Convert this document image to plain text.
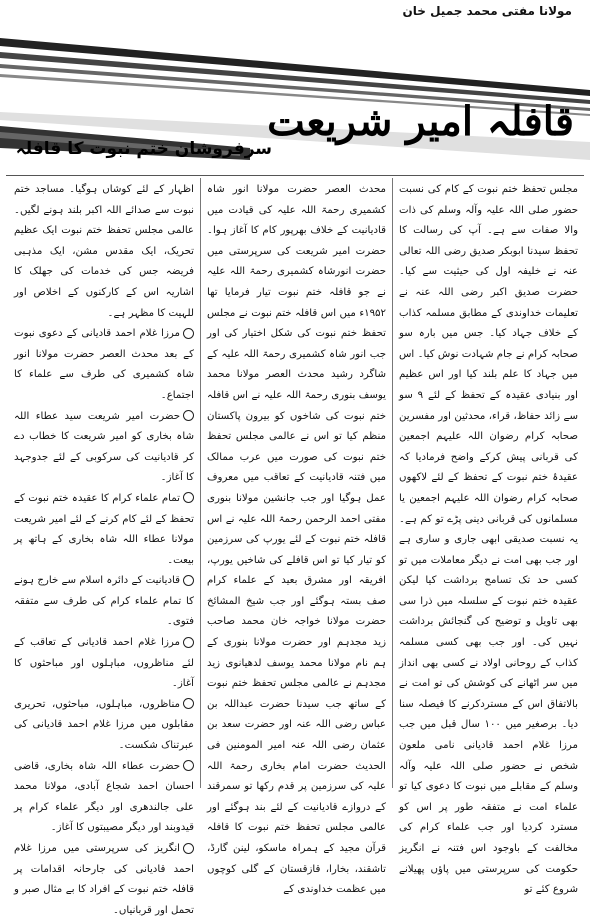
مولانا مفتی محمد جمیل خان
قافلہ امیر شریعت
سرفروشان ختم نبوت کا قافلہ

مجلس تحفظ ختم نبوت کے کام کی نسبت حضور صلی اللہ علیہ وآلہ وسلم کی ذات والا صفات سے ہے۔ آپ کی رسالت کا تحفظ سیدنا ابوبکر صدیق رضی اللہ تعالی عنہ نے خلیفہ اول کی حیثیت سے کیا۔ حضرت صدیق اکبر رضی اللہ عنہ نے تعلیمات خداوندی کے مطابق مسلمہ کذاب کے خلاف جہاد کیا۔ جس میں بارہ سو صحابہ کرام نے جام شہادت نوش کیا۔ اس میں جہاد کا علم بلند کیا اور اس عظیم اور بنیادی عقیدہ کے تحفظ کے لئے ۹ سو سے زائد حفاظ، قراء، محدثین اور مفسرین صحابہ کرام رضوان اللہ علیہم اجمعین کی قربانی پیش کرکے واضح فرمادیا کہ عقیدۂ ختم نبوت کے تحفظ کے لئے لاکھوں صحابہ کرام رضوان اللہ علیہم اجمعین یا مسلمانوں کی قربانی دینی پڑے تو کم ہے۔ یہ نسبت صدیقی ابھی جاری و ساری ہے اور جب بھی امت نے دیگر معاملات میں تو کسی حد تک تسامح برداشت کیا لیکن عقیدہ ختم نبوت کے سلسلہ میں ذرا سی بھی تاویل و توضیح کی گنجائش برداشت نہیں کی۔ اور جب بھی کسی مسلمہ کذاب کے روحانی اولاد نے کسی بھی انداز میں سر اٹھانے کی کوشش کی تو امت نے بالاتفاق اس کے مستردکرنے کا فیصلہ سنا دیا۔ برصغیر میں ۱۰۰ سال قبل میں جب مرزا غلام احمد قادیانی نامی ملعون شخص نے حضور صلی اللہ علیہ وآلہ وسلم کے مقابلے میں نبوت کا دعوی کیا تو علماء امت نے متفقہ طور پر اس کو مسترد کردیا اور جب علماء کرام کی مخالفت کے باوجود اس فتنہ نے انگریز حکومت کی سرپرستی میں پاؤں پھیلانے شروع کئے تو

محدث العصر حضرت مولانا انور شاہ کشمیری رحمۃ اللہ علیہ کی قیادت میں قادیانیت کے خلاف بھرپور کام کا آغاز ہوا۔ حضرت امیر شریعت کی سرپرستی میں حضرت انورشاہ کشمیری رحمۃ اللہ علیہ نے جو قافلہ ختم نبوت تیار فرمایا تھا ۱۹۵۲ء میں اس قافلہ ختم نبوت نے مجلس تحفظ ختم نبوت کی شکل اختیار کی اور جب انور شاہ کشمیری رحمۃ اللہ علیہ کے شاگرد رشید محدث العصر مولانا محمد یوسف بنوری رحمۃ اللہ علیہ نے اس قافلہ ختم نبوت کی شاخوں کو بیرون پاکستان منظم کیا تو اس نے عالمی مجلس تحفظ ختم نبوت کی صورت میں عرب ممالک میں فتنہ قادیانیت کے تعاقب میں معروف عمل ہوگیا اور جب جانشین مولانا بنوری مفتی احمد الرحمن رحمۃ اللہ علیہ نے اس قافلہ ختم نبوت کے لئے یورپ کی سرزمین کو تیار کیا تو اس قافلے کی شاخیں یورپ، افریقہ اور مشرق بعید کے علماء کرام صف بستہ ہوگئے اور جب شیخ المشائخ حضرت مولانا خواجہ خان محمد صاحب زید مجدہم اور حضرت مولانا بنوری کے ہم نام مولانا محمد یوسف لدھیانوی زید مجدہم نے عالمی مجلس تحفظ ختم نبوت کے ساتھ جب سیدنا حضرت عبداللہ بن عباس رضی اللہ عنہ اور حضرت سعد بن عثمان رضی اللہ عنہ امیر المومنین فی الحدیث حضرت امام بخاری رحمۃ اللہ علیہ کی سرزمین پر قدم رکھا تو سمرقند کے دروازے قادیانیت کے لئے بند ہوگئے اور عالمی مجلس تحفظ ختم نبوت کا قافلہ قرآن مجید کے ہمراہ ماسکو، لینن گارڈ، تاشقند، بخارا، قازقستان کے گلی کوچوں میں عظمت خداوندی کے

اظہار کے لئے کوشاں ہوگیا۔ مساجد ختم نبوت سے صدائے اللہ اکبر بلند ہونے لگیں۔ عالمی مجلس تحفظ ختم نبوت ایک عظیم تحریک، ایک مقدس مشن، ایک مذہبی فریضہ جس کی خدمات کی جھلک کا اشاریہ اس کے کارکنوں کے اخلاص اور للہیت کا مظہر ہے۔

مرزا غلام احمد قادیانی کے دعوی نبوت کے بعد محدث العصر حضرت مولانا انور شاہ کشمیری کی طرف سے علماء کا اجتماع۔

حضرت امیر شریعت سید عطاء اللہ شاہ بخاری کو امیر شریعت کا خطاب دے کر قادیانیت کی سرکوبی کے لئے جدوجہد کا آغاز۔

تمام علماء کرام کا عقیدہ ختم نبوت کے تحفظ کے لئے کام کرنے کے لئے امیر شریعت مولانا عطاء اللہ شاہ بخاری کے ہاتھ پر بیعت۔

قادیانیت کے دائرہ اسلام سے خارج ہونے کا تمام علماء کرام کی طرف سے متفقہ فتوی۔

مرزا غلام احمد قادیانی کے تعاقب کے لئے مناظروں، مباہلوں اور مباحثوں کا آغاز۔

مناظروں، مباہلوں، مباحثوں، تحریری مقابلوں میں مرزا غلام احمد قادیانی کی عبرتناک شکست۔

حضرت عطاء اللہ شاہ بخاری، قاضی احسان احمد شجاع آبادی، مولانا محمد علی جالندھری اور دیگر علماء کرام پر قیدوبند اور دیگر مصیبتوں کا آغاز۔

انگریز کی سرپرستی میں مرزا غلام احمد قادیانی کی جارحانہ اقدامات پر قافلہ ختم نبوت کے افراد کا بے مثال صبر و تحمل اور قربانیاں۔
